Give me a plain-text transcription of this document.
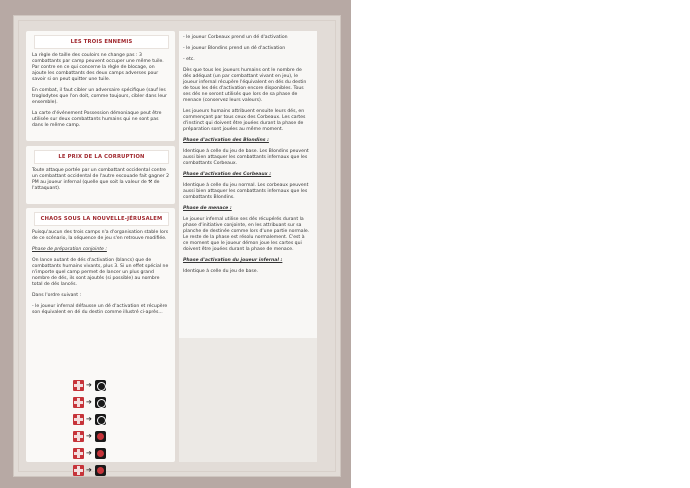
LES TROIS ENNEMIS

La règle de taille des couloirs ne change pas : 3 combattants par camp peuvent occuper une même tuile. Par contre en ce qui concerne la règle de blocage, on ajoute les combattants des deux camps adverses pour savoir si on peut quitter une tuile.

En combat, il faut cibler un adversaire spécifique (sauf les troglodytes que l'on doit, comme toujours, cibler dans leur ensemble).

La carte d'événement Possession démoniaque peut être utilisée sur deux combattants humains qui ne sont pas dans le même camp.

LE PRIX DE LA CORRUPTION

Toute attaque portée par un combattant occidental contre un combattant occidental de l'autre escouade fait gagner 2 PM au joueur infernal (quelle que soit la valeur de ⚒ de l'attaquant).

CHAOS SOUS LA NOUVELLE-JÉRUSALEM

Puisqu'aucun des trois camps n'a d'organisation stable lors de ce scénario, la séquence de jeu s'en retrouve modifiée.

Phase de préparation conjointe :

On lance autant de dés d'activation (blancs) que de combattants humains vivants, plus 3. Si un effet spécial ne n'importe quel camp permet de lancer un plus grand nombre de dés, ils sont ajoutés (si possible) au nombre total de dés lancés.

Dans l'ordre suivant :

- le joueur infernal défausse un dé d'activation et récupère son équivalent en dé du destin comme illustré ci-après...

➔
➔
➔
➔
➔
➔

- le joueur Corbeaux prend un dé d'activation

- le joueur Blondins prend un dé d'activation

- etc.

Dès que tous les joueurs humains ont le nombre de dés adéquat (un par combattant vivant en jeu), le joueur infernal récupère l'équivalent en dés du destin de tous les dés d'activation encore disponibles. Tous ses dés ne seront utilisés que lors de sa phase de menace (conservez leurs valeurs).

Les joueurs humains attribuent ensuite leurs dés, en commençant par tous ceux des Corbeaux. Les cartes d'instinct qui doivent être jouées durant la phase de préparation sont jouées au même moment.

Phase d'activation des Blondins :

Identique à celle du jeu de base. Les Blondins peuvent aussi bien attaquer les combattants infernaux que les combattants Corbeaux.

Phase d'activation des Corbeaux :

Identique à celle du jeu normal. Les corbeaux peuvent aussi bien attaquer les combattants infernaux que les combattants Blondins.

Phase de menace :

Le joueur infernal utilise ses dés récupérés durant la phase d'initiative conjointe, en les attribuant sur sa planche de destinée comme lors d'une partie normale. Le reste de la phase est résolu normalement. C'est à ce moment que le joueur démon joue les cartes qui doivent être jouées durant la phase de menace.

Phase d'activation du joueur infernal :

Identique à celle du jeu de base.
